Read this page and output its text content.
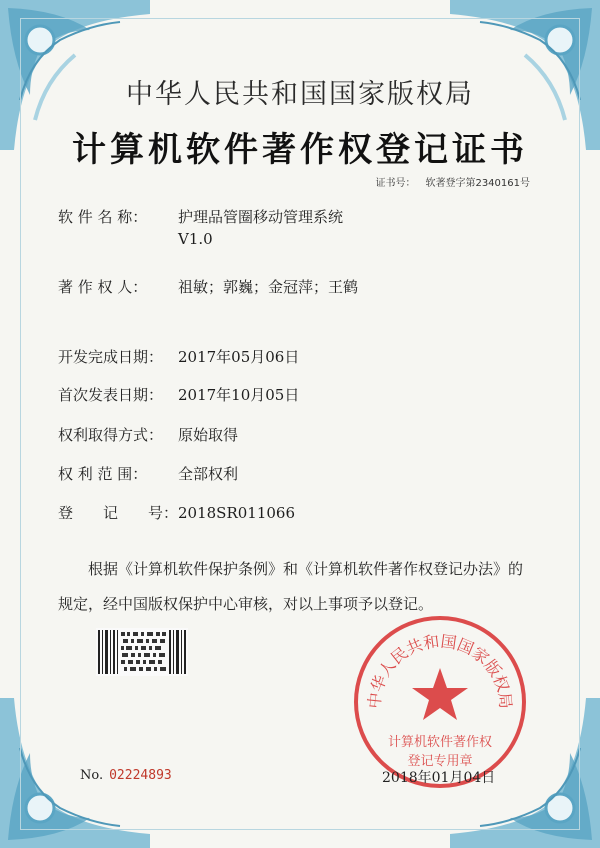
中华人民共和国国家版权局
计算机软件著作权登记证书
证书号： 软著登字第2340161号
软 件 名 称： 护理品管圈移动管理系统
V1.0
著 作 权 人： 祖敏；郭巍；金冠萍；王鹤
开发完成日期： 2017年05月06日
首次发表日期： 2017年10月05日
权利取得方式： 原始取得
权 利 范 围： 全部权利
登　　记　　号： 2018SR011066

根据《计算机软件保护条例》和《计算机软件著作权登记办法》的

规定，经中国版权保护中心审核，对以上事项予以登记。

中华人民共和国国家版权局
计算机软件著作权
登记专用章
No. 02224893	2018年01月04日
